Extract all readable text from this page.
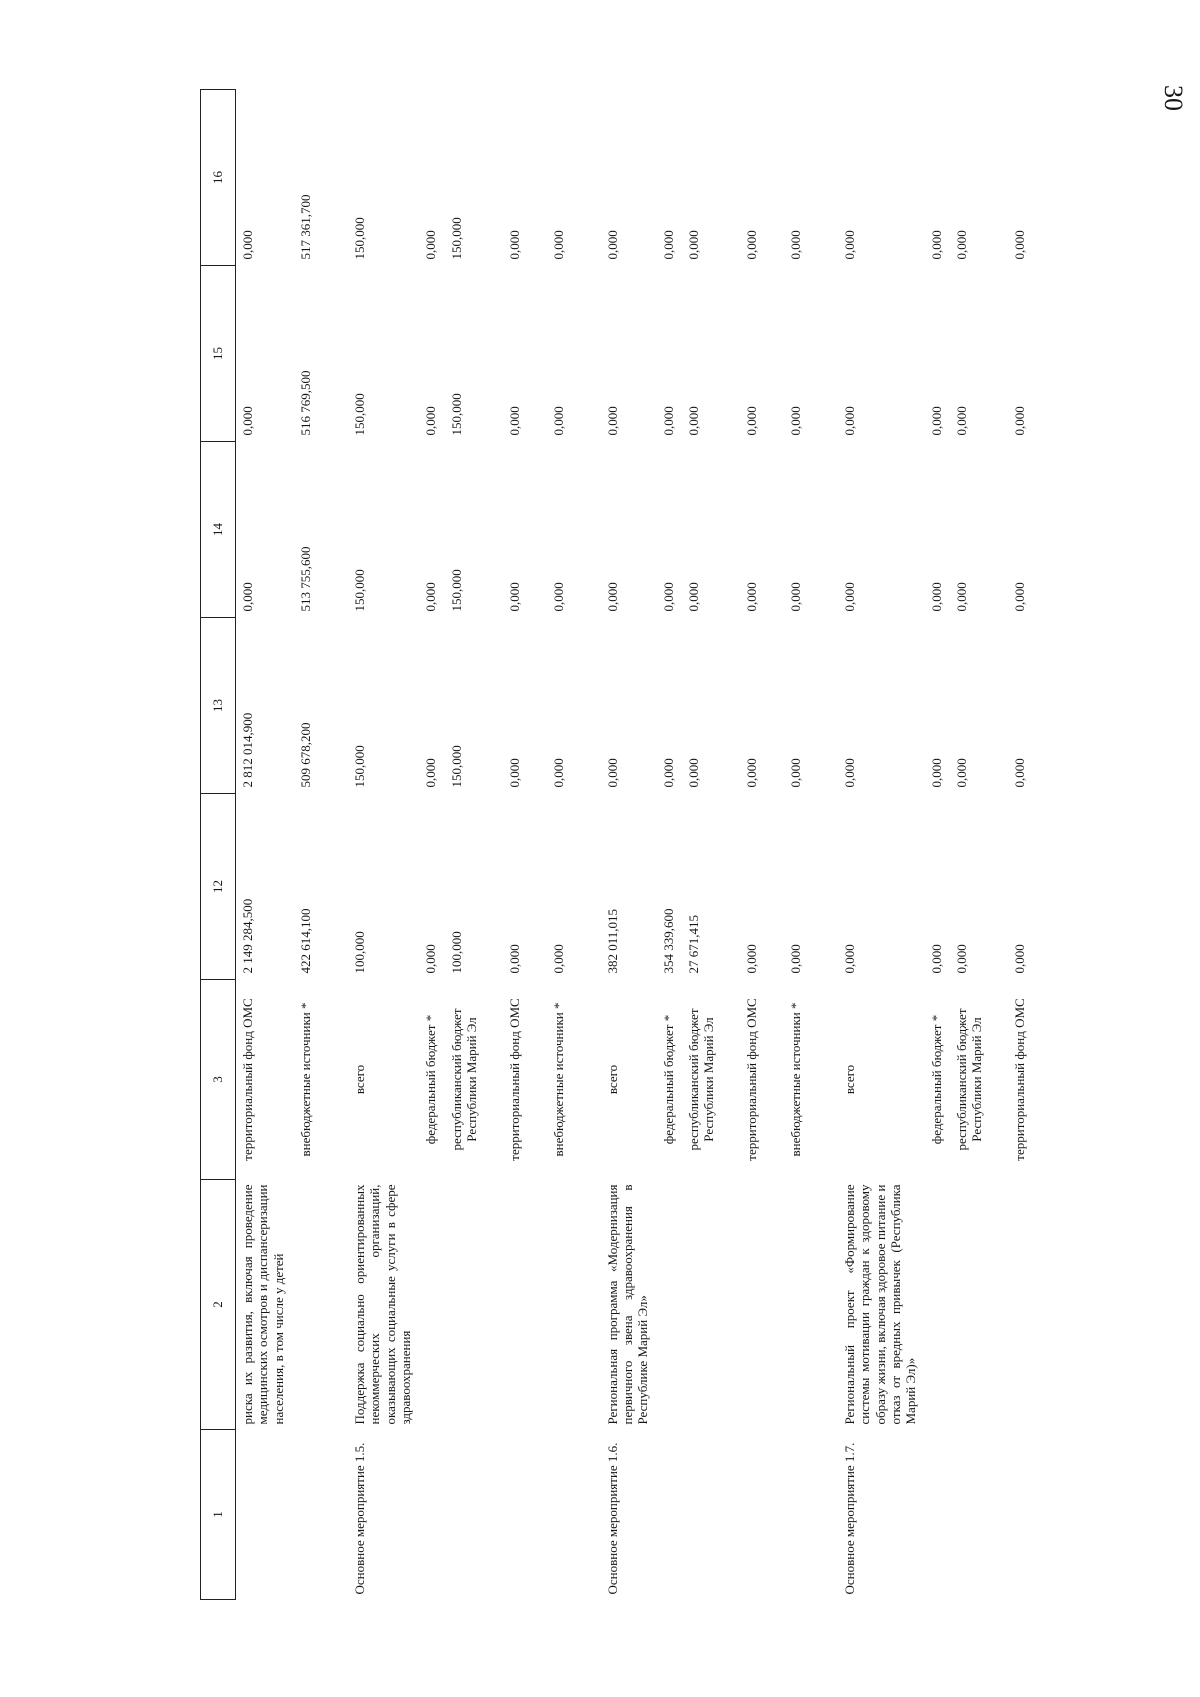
30
1	2	3	12	13	14	15	16
	риска их развития, включая проведение медицинских осмотров и диспансеризации населения, в том числе у детей	территориальный фонд ОМС	2 149 284,500	2 812 014,900	0,000	0,000	0,000
		внебюджетные источники *	422 614,100	509 678,200	513 755,600	516 769,500	517 361,700
Основное мероприятие 1.5.	Поддержка социально ориентированных некоммерческих организаций, оказывающих социальные услуги в сфере здравоохранения	всего	100,000	150,000	150,000	150,000	150,000
		федеральный бюджет *	0,000	0,000	0,000	0,000	0,000
		республиканский бюджет Республики Марий Эл	100,000	150,000	150,000	150,000	150,000
		территориальный фонд ОМС	0,000	0,000	0,000	0,000	0,000
		внебюджетные источники *	0,000	0,000	0,000	0,000	0,000
Основное мероприятие 1.6.	Региональная программа «Модернизация первичного звена здравоохранения в Республике Марий Эл»	всего	382 011,015	0,000	0,000	0,000	0,000
		федеральный бюджет *	354 339,600	0,000	0,000	0,000	0,000
		республиканский бюджет Республики Марий Эл	27 671,415	0,000	0,000	0,000	0,000
		территориальный фонд ОМС	0,000	0,000	0,000	0,000	0,000
		внебюджетные источники *	0,000	0,000	0,000	0,000	0,000
Основное мероприятие 1.7.	Региональный проект «Формирование системы мотивации граждан к здоровому образу жизни, включая здоровое питание и отказ от вредных привычек (Республика Марий Эл)»	всего	0,000	0,000	0,000	0,000	0,000
		федеральный бюджет *	0,000	0,000	0,000	0,000	0,000
		республиканский бюджет Республики Марий Эл	0,000	0,000	0,000	0,000	0,000
		территориальный фонд ОМС	0,000	0,000	0,000	0,000	0,000
